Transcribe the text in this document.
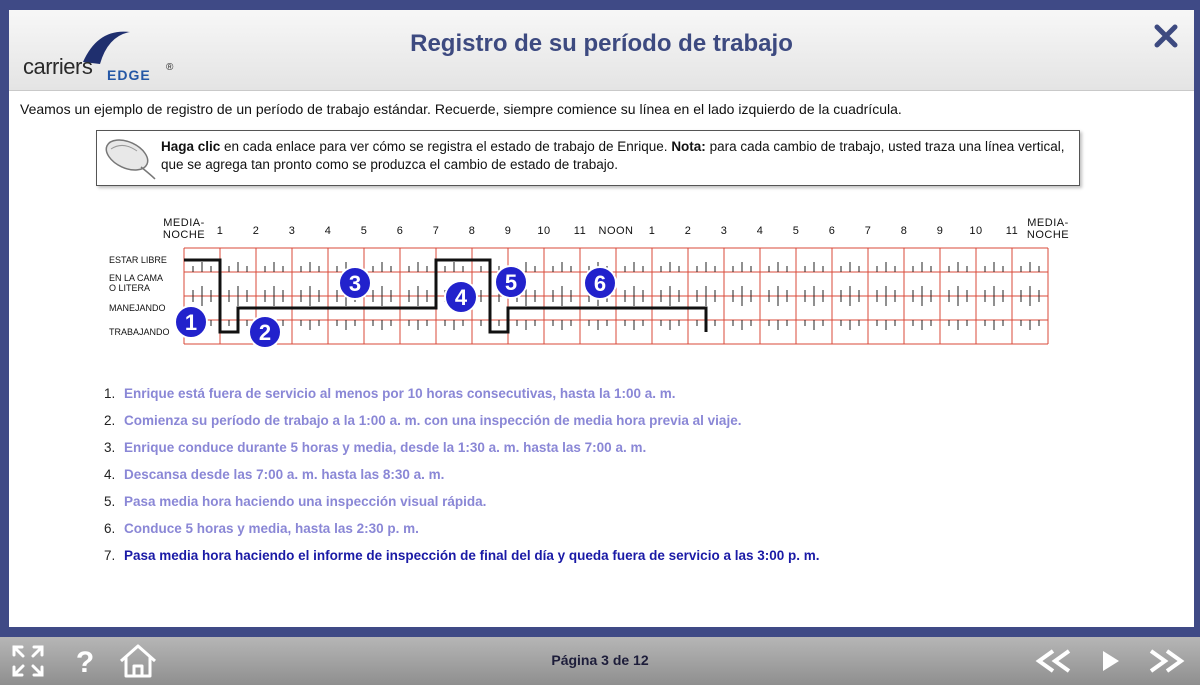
carriers EDGE ®
Registro de su período de trabajo
Veamos un ejemplo de registro de un período de trabajo estándar. Recuerde, siempre comience su línea en el lado izquierdo de la cuadrícula.
Haga clic en cada enlace para ver cómo se registra el estado de trabajo de Enrique. Nota: para cada cambio de trabajo, usted traza una línea vertical, que se agrega tan pronto como se produzca el cambio de estado de trabajo.
MEDIA-NOCHE 1	2	3	4	5	6	7	8	9 10 11 NOON 1	2	3	4	5	6	7	8	9 10 11
MEDIA-NOCHE
ESTAR LIBRE
EN LA CAMA O LITERA
MANEJANDO
TRABAJANDO 1	2
3
4
5	6
1. Enrique está fuera de servicio al menos por 10 horas consecutivas, hasta la 1:00 a. m.
2. Comienza su período de trabajo a la 1:00 a. m. con una inspección de media hora previa al viaje.
3. Enrique conduce durante 5 horas y media, desde la 1:30 a. m. hasta las 7:00 a. m.
4. Descansa desde las 7:00 a. m. hasta las 8:30 a. m.
5. Pasa media hora haciendo una inspección visual rápida.
6. Conduce 5 horas y media, hasta las 2:30 p. m.
7. Pasa media hora haciendo el informe de inspección de final del día y queda fuera de servicio a las 3:00 p. m.
?	Página 3 de 12
